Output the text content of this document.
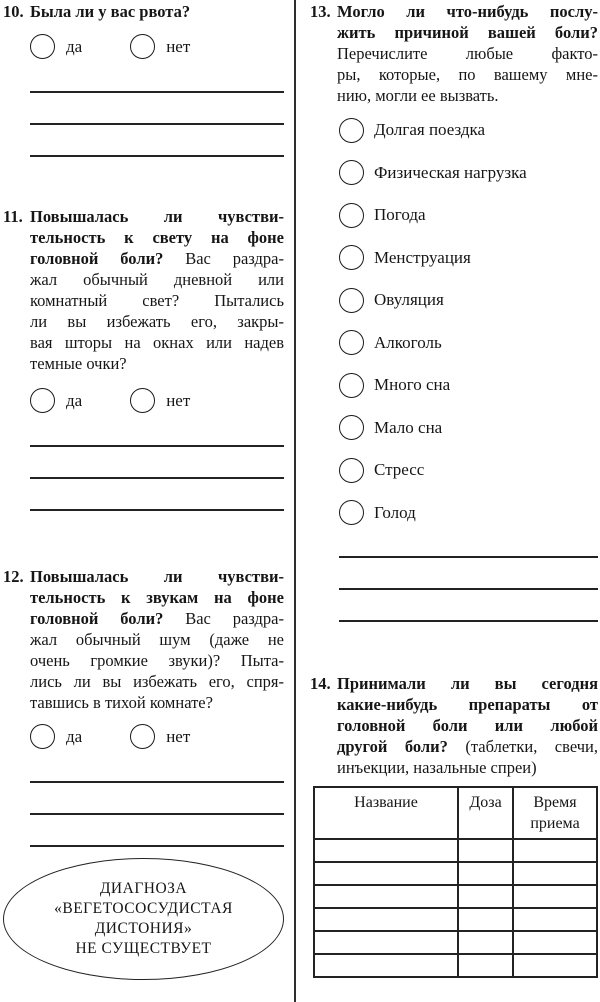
10. Была ли у вас рвота?
да	нет
11. Повышалась ли чувстви-
тельность к свету на фоне
головной боли? Вас раздра-
жал обычный дневной или
комнатный свет? Пытались
ли вы избежать его, закры-
вая шторы на окнах или надев
темные очки?
да	нет
12. Повышалась ли чувстви-
тельность к звукам на фоне
головной боли? Вас раздра-
жал обычный шум (даже не
очень громкие звуки)? Пыта-
лись ли вы избежать его, спря-
тавшись в тихой комнате?
да	нет
ДИАГНОЗА
«ВЕГЕТОСОСУДИСТАЯ
ДИСТОНИЯ»
НЕ СУЩЕСТВУЕТ
13. Могло ли что-нибудь послу-
жить причиной вашей боли?
Перечислите любые факто-
ры, которые, по вашему мне-
нию, могли ее вызвать.
Долгая поездка
Физическая нагрузка
Погода
Менструация
Овуляция
Алкоголь
Много сна
Мало сна
Стресс
Голод
14. Принимали ли вы сегодня
какие-нибудь препараты от
головной боли или любой
другой боли? (таблетки, свечи,
инъекции, назальные спреи)
Название	Доза	Время приема
